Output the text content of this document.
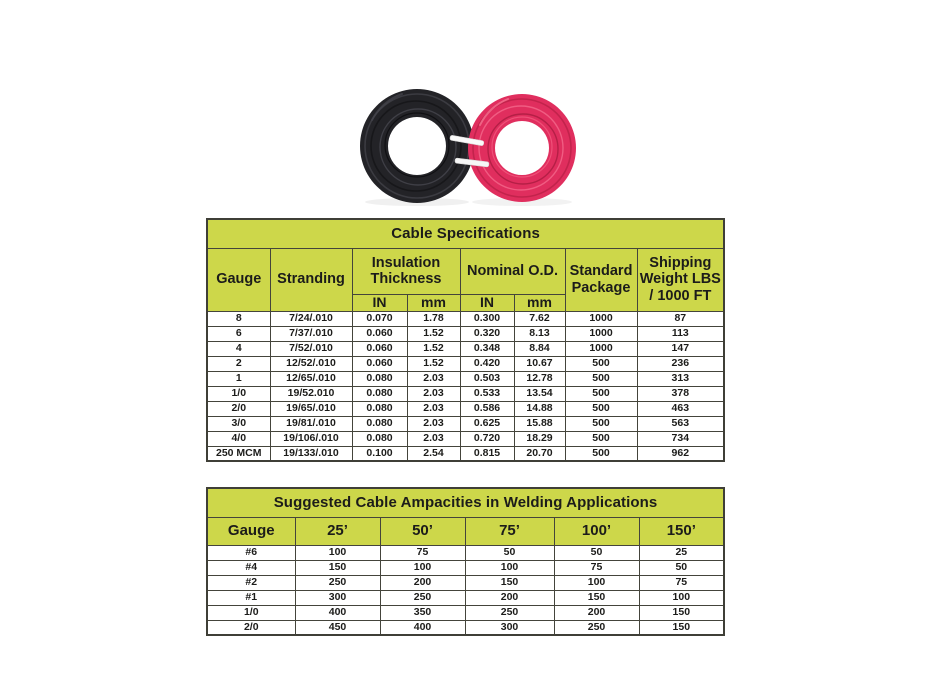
Cable Specifications							
Gauge	Stranding	Insulation Thickness		Nominal O.D.		Standard Package	Shipping Weight LBS / 1000 FT
		IN	mm	IN	mm		
8	7/24/.010	0.070	1.78	0.300	7.62	1000	87
6	7/37/.010	0.060	1.52	0.320	8.13	1000	113
4	7/52/.010	0.060	1.52	0.348	8.84	1000	147
2	12/52/.010	0.060	1.52	0.420	10.67	500	236
1	12/65/.010	0.080	2.03	0.503	12.78	500	313
1/0	19/52.010	0.080	2.03	0.533	13.54	500	378
2/0	19/65/.010	0.080	2.03	0.586	14.88	500	463
3/0	19/81/.010	0.080	2.03	0.625	15.88	500	563
4/0	19/106/.010	0.080	2.03	0.720	18.29	500	734
250 MCM	19/133/.010	0.100	2.54	0.815	20.70	500	962
Suggested Cable Ampacities in Welding Applications					
Gauge	25’	50’	75’	100’	150’
#6	100	75	50	50	25
#4	150	100	100	75	50
#2	250	200	150	100	75
#1	300	250	200	150	100
1/0	400	350	250	200	150
2/0	450	400	300	250	150
